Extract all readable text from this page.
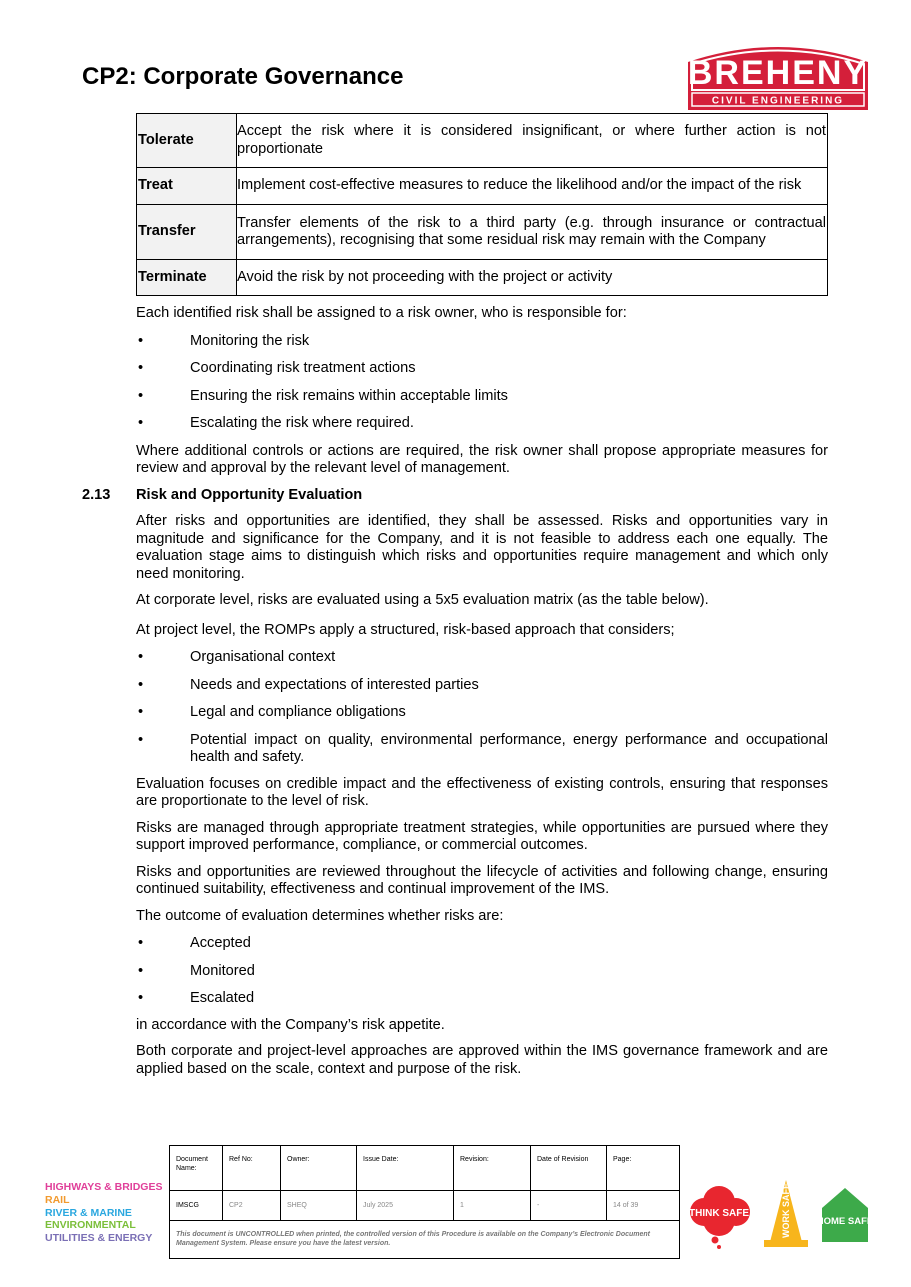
CP2: Corporate Governance	BREHENY
CIVIL ENGINEERING
Tolerate	Accept the risk where it is considered insignificant, or where further action is not proportionate
Treat	Implement cost-effective measures to reduce the likelihood and/or the impact of the risk
Transfer	Transfer elements of the risk to a third party (e.g. through insurance or contractual arrangements), recognising that some residual risk may remain with the Company
Terminate	Avoid the risk by not proceeding with the project or activity
Each identified risk shall be assigned to a risk owner, who is responsible for:
•	Monitoring the risk
•	Coordinating risk treatment actions
•	Ensuring the risk remains within acceptable limits
•	Escalating the risk where required.
Where additional controls or actions are required, the risk owner shall propose appropriate measures for review and approval by the relevant level of management.
2.13 Risk and Opportunity Evaluation
After risks and opportunities are identified, they shall be assessed. Risks and opportunities vary in magnitude and significance for the Company, and it is not feasible to address each one equally. The evaluation stage aims to distinguish which risks and opportunities require management and which only need monitoring.
At corporate level, risks are evaluated using a 5x5 evaluation matrix (as the table below).
At project level, the ROMPs apply a structured, risk-based approach that considers;
•	Organisational context
•	Needs and expectations of interested parties
•	Legal and compliance obligations
•	Potential impact on quality, environmental performance, energy performance and occupational health and safety.
Evaluation focuses on credible impact and the effectiveness of existing controls, ensuring that responses are proportionate to the level of risk.
Risks are managed through appropriate treatment strategies, while opportunities are pursued where they support improved performance, compliance, or commercial outcomes.
Risks and opportunities are reviewed throughout the lifecycle of activities and following change, ensuring continued suitability, effectiveness and continual improvement of the IMS.
The outcome of evaluation determines whether risks are:
•	Accepted
•	Monitored
•	Escalated
in accordance with the Company’s risk appetite.
Both corporate and project-level approaches are approved within the IMS governance framework and are applied based on the scale, context and purpose of the risk.
HIGHWAYS & BRIDGES
RAIL
RIVER & MARINE
ENVIRONMENTAL
UTILITIES & ENERGY
Document Name:	Ref No:	Owner:	Issue Date:	Revision:	Date of Revision	Page:
IMSCG	CP2	SHEQ	July 2025	1	-	14 of 39
This document is UNCONTROLLED when printed, the controlled version of this Procedure is available on the Company’s Electronic Document Management System. Please ensure you have the latest version.						
THINK SAFE	WORK SAFE	HOME SAFE
